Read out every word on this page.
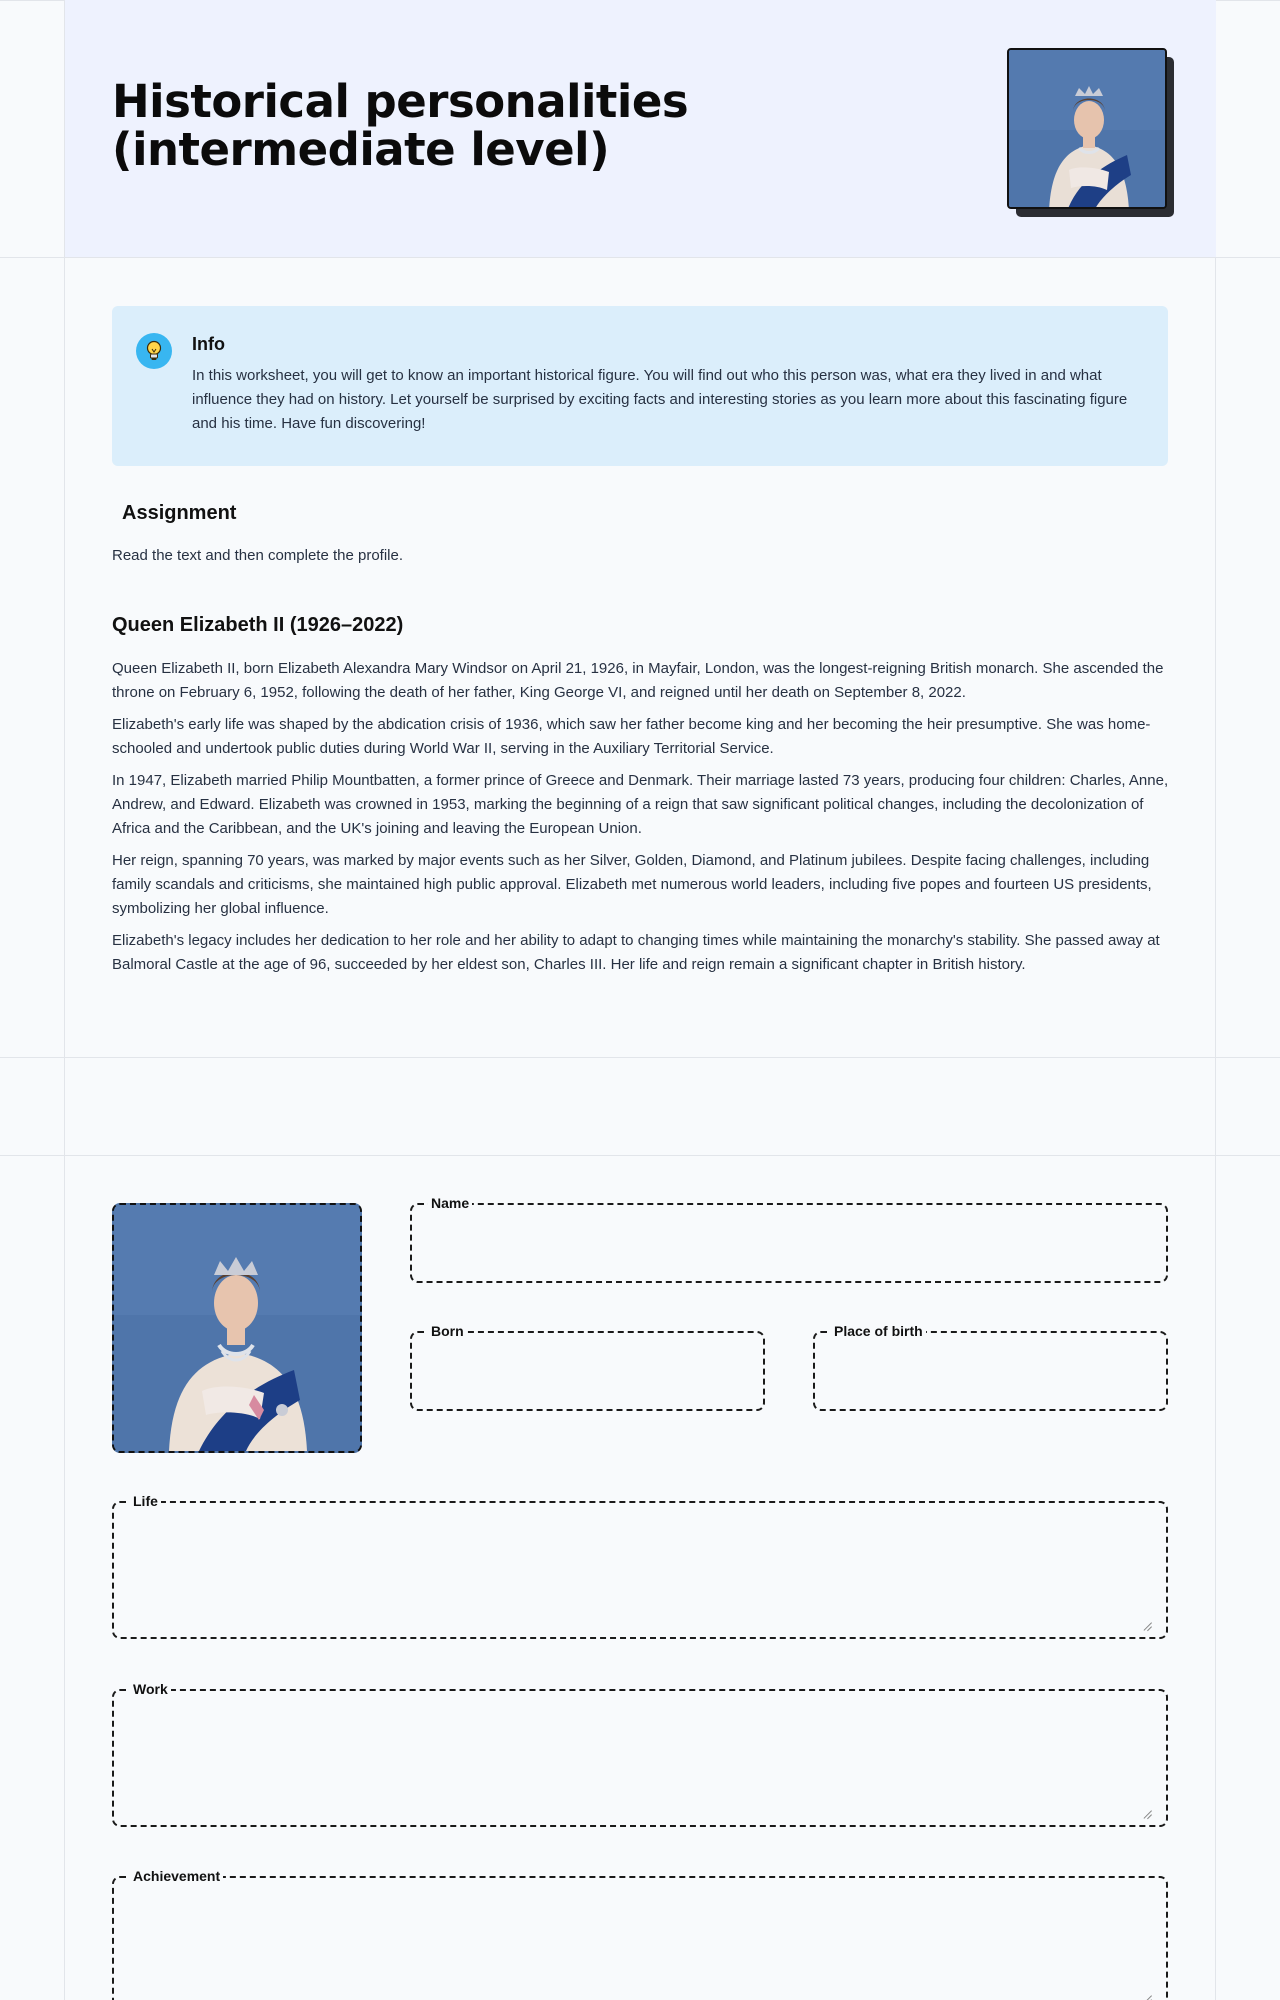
Historical personalities
(intermediate level)
Info

In this worksheet, you will get to know an important historical figure. You will find out who this person was, what era they lived in and what influence they had on history. Let yourself be surprised by exciting facts and interesting stories as you learn more about this fascinating figure and his time. Have fun discovering!

Assignment

Read the text and then complete the profile.

Queen Elizabeth II (1926–2022)

Queen Elizabeth II, born Elizabeth Alexandra Mary Windsor on April 21, 1926, in Mayfair, London, was the longest-reigning British monarch. She ascended the throne on February 6, 1952, following the death of her father, King George VI, and reigned until her death on September 8, 2022.

Elizabeth's early life was shaped by the abdication crisis of 1936, which saw her father become king and her becoming the heir presumptive. She was home-schooled and undertook public duties during World War II, serving in the Auxiliary Territorial Service.

In 1947, Elizabeth married Philip Mountbatten, a former prince of Greece and Denmark. Their marriage lasted 73 years, producing four children: Charles, Anne, Andrew, and Edward. Elizabeth was crowned in 1953, marking the beginning of a reign that saw significant political changes, including the decolonization of Africa and the Caribbean, and the UK's joining and leaving the European Union.

Her reign, spanning 70 years, was marked by major events such as her Silver, Golden, Diamond, and Platinum jubilees. Despite facing challenges, including family scandals and criticisms, she maintained high public approval. Elizabeth met numerous world leaders, including five popes and fourteen US presidents, symbolizing her global influence.

Elizabeth's legacy includes her dedication to her role and her ability to adapt to changing times while maintaining the monarchy's stability. She passed away at Balmoral Castle at the age of 96, succeeded by her eldest son, Charles III. Her life and reign remain a significant chapter in British history.

Name
Born	Place of birth
Life
Work
Achievement
